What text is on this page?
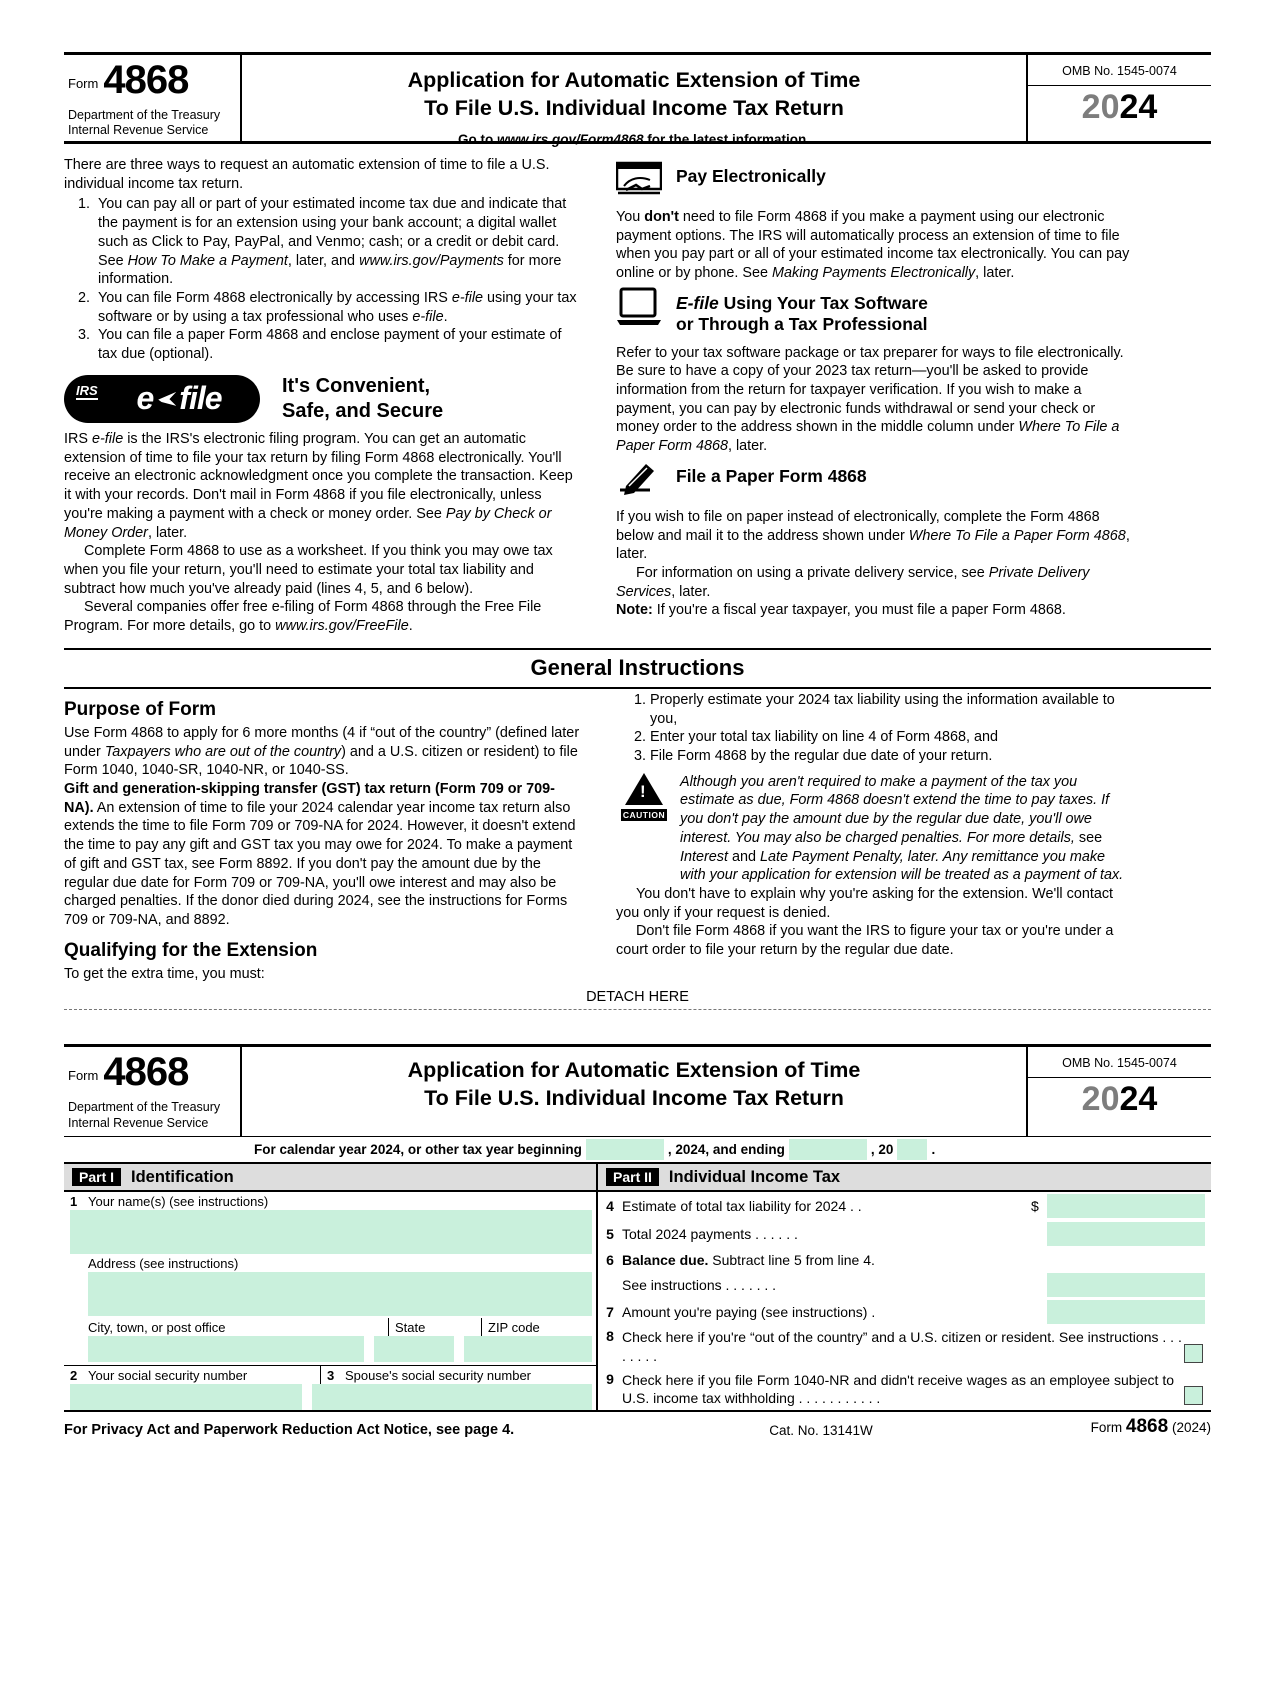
Form 4868
Department of the Treasury
Internal Revenue Service
Application for Automatic Extension of Time
To File U.S. Individual Income Tax Return
Go to www.irs.gov/Form4868 for the latest information.
OMB No. 1545-0074
2024

There are three ways to request an automatic extension of time to file a U.S. individual income tax return.

1. You can pay all or part of your estimated income tax due and indicate that the payment is for an extension using your bank account; a digital wallet such as Click to Pay, PayPal, and Venmo; cash; or a credit or debit card. See How To Make a Payment, later, and www.irs.gov/Payments for more information.
2. You can file Form 4868 electronically by accessing IRS e-file using your tax software or by using a tax professional who uses e-file.
3. You can file a paper Form 4868 and enclose payment of your estimate of tax due (optional).
IRS e file	It's Convenient,
Safe, and Secure

IRS e-file is the IRS's electronic filing program. You can get an automatic extension of time to file your tax return by filing Form 4868 electronically. You'll receive an electronic acknowledgment once you complete the transaction. Keep it with your records. Don't mail in Form 4868 if you file electronically, unless you're making a payment with a check or money order. See Pay by Check or Money Order, later.

Complete Form 4868 to use as a worksheet. If you think you may owe tax when you file your return, you'll need to estimate your total tax liability and subtract how much you've already paid (lines 4, 5, and 6 below).

Several companies offer free e-filing of Form 4868 through the Free File Program. For more details, go to www.irs.gov/FreeFile.

Pay Electronically

You don't need to file Form 4868 if you make a payment using our electronic payment options. The IRS will automatically process an extension of time to file when you pay part or all of your estimated income tax electronically. You can pay online or by phone. See Making Payments Electronically, later.

E-file Using Your Tax Software
or Through a Tax Professional

Refer to your tax software package or tax preparer for ways to file electronically. Be sure to have a copy of your 2023 tax return—you'll be asked to provide information from the return for taxpayer verification. If you wish to make a payment, you can pay by electronic funds withdrawal or send your check or money order to the address shown in the middle column under Where To File a Paper Form 4868, later.

File a Paper Form 4868

If you wish to file on paper instead of electronically, complete the Form 4868 below and mail it to the address shown under Where To File a Paper Form 4868, later.

For information on using a private delivery service, see Private Delivery Services, later.

Note: If you're a fiscal year taxpayer, you must file a paper Form 4868.

General Instructions
Purpose of Form

Use Form 4868 to apply for 6 more months (4 if “out of the country” (defined later under Taxpayers who are out of the country) and a U.S. citizen or resident) to file Form 1040, 1040-SR, 1040-NR, or 1040-SS.

Gift and generation-skipping transfer (GST) tax return (Form 709 or 709-NA). An extension of time to file your 2024 calendar year income tax return also extends the time to file Form 709 or 709-NA for 2024. However, it doesn't extend the time to pay any gift and GST tax you may owe for 2024. To make a payment of gift and GST tax, see Form 8892. If you don't pay the amount due by the regular due date for Form 709 or 709-NA, you'll owe interest and may also be charged penalties. If the donor died during 2024, see the instructions for Forms 709 or 709-NA, and 8892.

Qualifying for the Extension

To get the extra time, you must:

1. Properly estimate your 2024 tax liability using the information available to you,
2. Enter your total tax liability on line 4 of Form 4868, and
3. File Form 4868 by the regular due date of your return.
!
CAUTION

Although you aren't required to make a payment of the tax you estimate as due, Form 4868 doesn't extend the time to pay taxes. If you don't pay the amount due by the regular due date, you'll owe interest. You may also be charged penalties. For more details, see Interest and Late Payment Penalty, later. Any remittance you make with your application for extension will be treated as a payment of tax.

You don't have to explain why you're asking for the extension. We'll contact you only if your request is denied.

Don't file Form 4868 if you want the IRS to figure your tax or you're under a court order to file your return by the regular due date.

DETACH HERE
Form 4868
Department of the Treasury
Internal Revenue Service
Application for Automatic Extension of Time
To File U.S. Individual Income Tax Return
OMB No. 1545-0074
2024
For calendar year 2024, or other tax year beginning	, 2024, and ending	, 20	.
Part I	Identification	Part II	Individual Income Tax
1 Your name(s) (see instructions)
Address (see instructions)
City, town, or post office	State	ZIP code
2 Your social security number	3 Spouse's social security number
4 Estimate of total tax liability for 2024 . .	$
5 Total 2024 payments . . . . . .
6 Balance due. Subtract line 5 from line 4.
See instructions . . . . . . .
7 Amount you're paying (see instructions) .
8 Check here if you're “out of the country” and a U.S. citizen or resident. See instructions . . . . . . . .
9 Check here if you file Form 1040-NR and didn't receive wages as an employee subject to U.S. income tax withholding . . . . . . . . . . .
For Privacy Act and Paperwork Reduction Act Notice, see page 4.	Cat. No. 13141W	Form 4868 (2024)
